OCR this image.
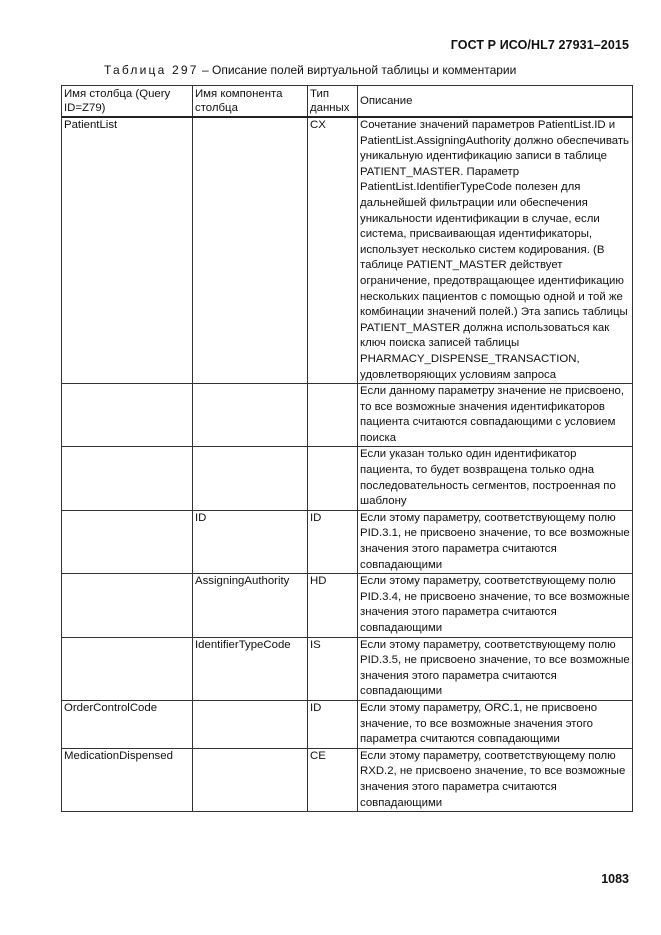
ГОСТ Р ИСО/HL7 27931–2015
Таблица 297 – Описание полей виртуальной таблицы и комментарии
Имя столбца (Query ID=Z79)	Имя компонента столбца	Тип данных	Описание
PatientList		CX	Сочетание значений параметров PatientList.ID и PatientList.AssigningAuthority должно обеспечивать уникальную идентификацию записи в таблице PATIENT_MASTER. Параметр PatientList.IdentifierTypeCode полезен для дальнейшей фильтрации или обеспечения уникальности идентификации в случае, если система, присваивающая идентификаторы, использует несколько систем кодирования. (В таблице PATIENT_MASTER действует ограничение, предотвращающее идентификацию нескольких пациентов с помощью одной и той же комбинации значений полей.) Эта запись таблицы PATIENT_MASTER должна использоваться как ключ поиска записей таблицы PHARMACY_DISPENSE_TRANSACTION, удовлетворяющих условиям запроса
			Если данному параметру значение не присвоено, то все возможные значения идентификаторов пациента считаются совпадающими с условием поиска
			Если указан только один идентификатор пациента, то будет возвращена только одна последовательность сегментов, построенная по шаблону
	ID	ID	Если этому параметру, соответствующему полю PID.3.1, не присвоено значение, то все возможные значения этого параметра считаются совпадающими
	AssigningAuthority	HD	Если этому параметру, соответствующему полю PID.3.4, не присвоено значение, то все возможные значения этого параметра считаются совпадающими
	IdentifierTypeCode	IS	Если этому параметру, соответствующему полю PID.3.5, не присвоено значение, то все возможные значения этого параметра считаются совпадающими
OrderControlCode		ID	Если этому параметру, ORC.1, не присвоено значение, то все возможные значения этого параметра считаются совпадающими
MedicationDispensed		CE	Если этому параметру, соответствующему полю RXD.2, не присвоено значение, то все возможные значения этого параметра считаются совпадающими
1083
